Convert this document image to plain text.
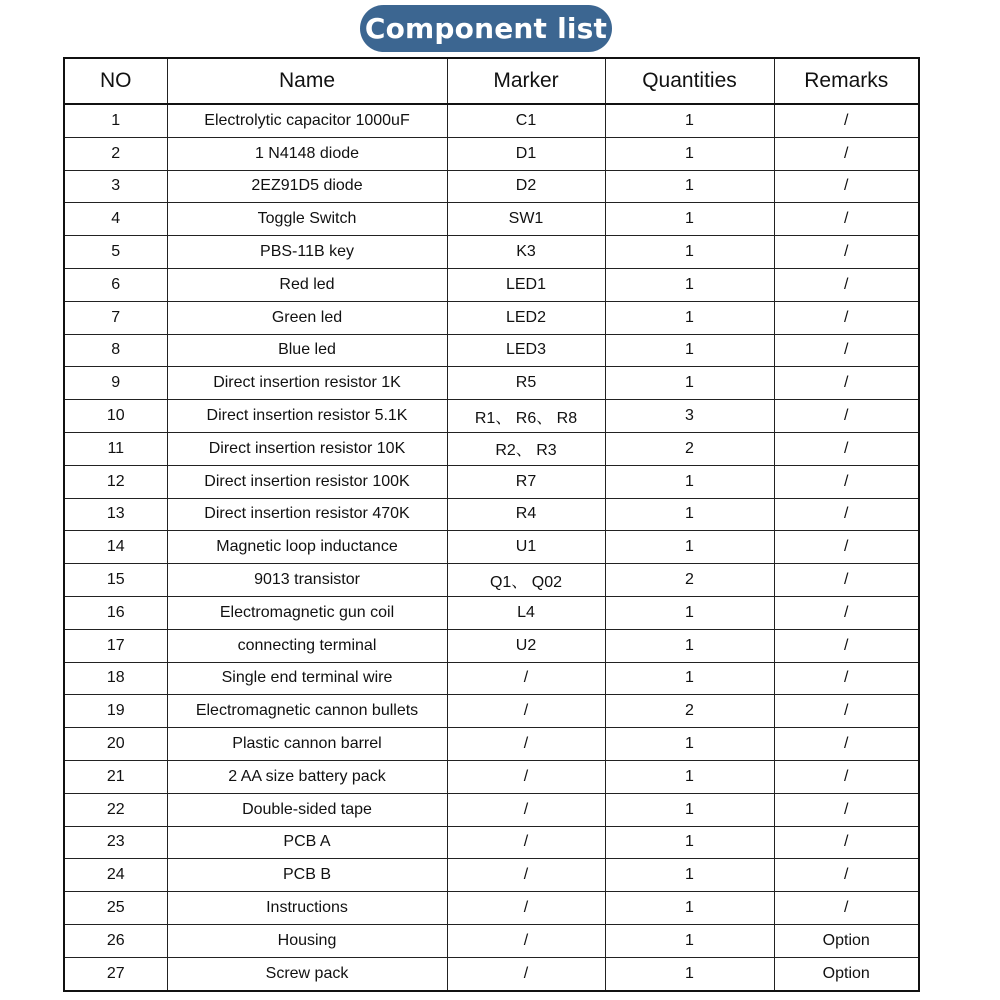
Component list
NO	Name	Marker	Quantities	Remarks
1	Electrolytic capacitor 1000uF	C1	1	/
2	1 N4148 diode	D1	1	/
3	2EZ91D5 diode	D2	1	/
4	Toggle Switch	SW1	1	/
5	PBS-11B key	K3	1	/
6	Red led	LED1	1	/
7	Green led	LED2	1	/
8	Blue led	LED3	1	/
9	Direct insertion resistor 1K	R5	1	/
10	Direct insertion resistor 5.1K	R1、 R6、 R8	3	/
11	Direct insertion resistor 10K	R2、 R3	2	/
12	Direct insertion resistor 100K	R7	1	/
13	Direct insertion resistor 470K	R4	1	/
14	Magnetic loop inductance	U1	1	/
15	9013 transistor	Q1、 Q02	2	/
16	Electromagnetic gun coil	L4	1	/
17	connecting terminal	U2	1	/
18	Single end terminal wire	/	1	/
19	Electromagnetic cannon bullets	/	2	/
20	Plastic cannon barrel	/	1	/
21	2 AA size battery pack	/	1	/
22	Double-sided tape	/	1	/
23	PCB A	/	1	/
24	PCB B	/	1	/
25	Instructions	/	1	/
26	Housing	/	1	Option
27	Screw pack	/	1	Option
